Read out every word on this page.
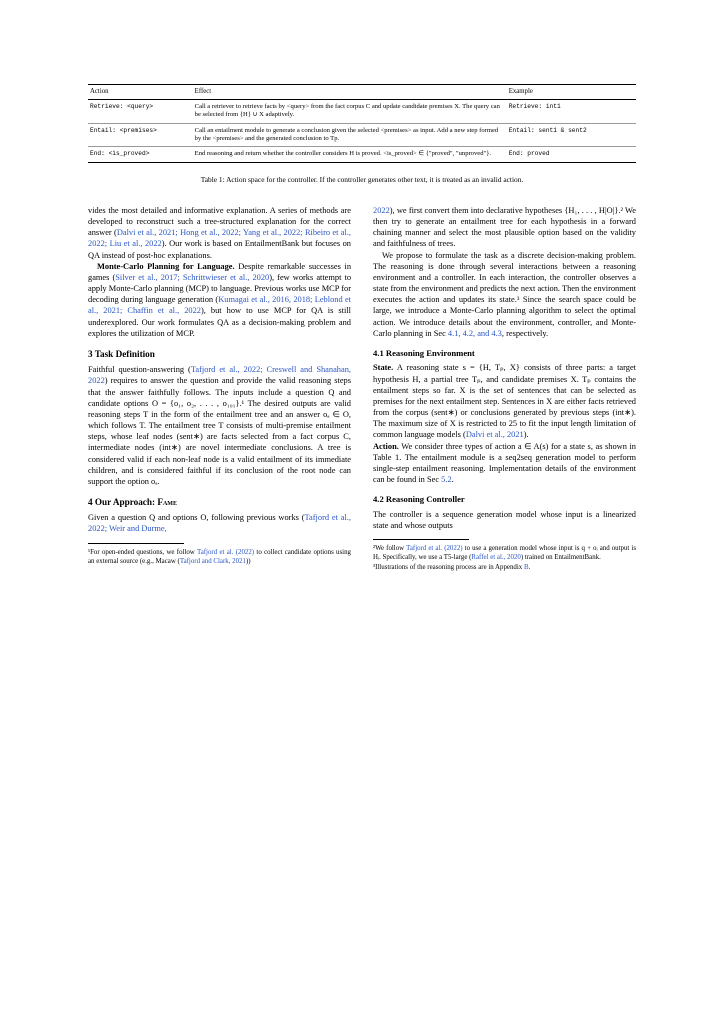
Action	Effect	Example
Retrieve: <query>	Call a retriever to retrieve facts by <query> from the fact corpus C and update candidate premises X. The query can be selected from {H} ∪ X adaptively.	Retrieve: int1
Entail: <premises>	Call an entailment module to generate a conclusion given the selected <premises> as input. Add a new step formed by the <premises> and the generated conclusion to Tp.	Entail: sent1 & sent2
End: <is_proved>	End reasoning and return whether the controller considers H is proved. <is_proved> ∈ {"proved", "unproved"}.	End: proved
Table 1: Action space for the controller. If the controller generates other text, it is treated as an invalid action.

vides the most detailed and informative explanation. A series of methods are developed to reconstruct such a tree-structured explanation for the correct answer (Dalvi et al., 2021; Hong et al., 2022; Yang et al., 2022; Ribeiro et al., 2022; Liu et al., 2022). Our work is based on EntailmentBank but focuses on QA instead of post-hoc explanations.

Monte-Carlo Planning for Language. Despite remarkable successes in games (Silver et al., 2017; Schrittwieser et al., 2020), few works attempt to apply Monte-Carlo planning (MCP) to language. Previous works use MCP for decoding during language generation (Kumagai et al., 2016, 2018; Leblond et al., 2021; Chaffin et al., 2022), but how to use MCP for QA is still underexplored. Our work formulates QA as a decision-making problem and explores the utilization of MCP.

3 Task Definition

Faithful question-answering (Tafjord et al., 2022; Creswell and Shanahan, 2022) requires to answer the question and provide the valid reasoning steps that the answer faithfully follows. The inputs include a question Q and candidate options O = {o₁, o₂, . . . , o₁₀₁}.¹ The desired outputs are valid reasoning steps T in the form of the entailment tree and an answer oₐ ∈ O, which follows T. The entailment tree T consists of multi-premise entailment steps, whose leaf nodes (sent∗) are facts selected from a fact corpus C, intermediate nodes (int∗) are novel intermediate conclusions. A tree is considered valid if each non-leaf node is a valid entailment of its immediate children, and is considered faithful if its conclusion of the root node can support the option oₐ.

4 Our Approach: Fame

Given a question Q and options O, following previous works (Tafjord et al., 2022; Weir and Durme,

¹For open-ended questions, we follow Tafjord et al. (2022) to collect candidate options using an external source (e.g., Macaw (Tafjord and Clark, 2021))

2022), we first convert them into declarative hypotheses {H₁, . . . , H|O|}.² We then try to generate an entailment tree for each hypothesis in a forward chaining manner and select the most plausible option based on the validity and faithfulness of trees.

We propose to formulate the task as a discrete decision-making problem. The reasoning is done through several interactions between a reasoning environment and a controller. In each interaction, the controller observes a state from the environment and predicts the next action. Then the environment executes the action and updates its state.³ Since the search space could be large, we introduce a Monte-Carlo planning algorithm to select the optimal action. We introduce details about the environment, controller, and Monte-Carlo planning in Sec 4.1, 4.2, and 4.3, respectively.

4.1 Reasoning Environment

State. A reasoning state s = {H, Tₚ, X} consists of three parts: a target hypothesis H, a partial tree Tₚ, and candidate premises X. Tₚ contains the entailment steps so far. X is the set of sentences that can be selected as premises for the next entailment step. Sentences in X are either facts retrieved from the corpus (sent∗) or conclusions generated by previous steps (int∗). The maximum size of X is restricted to 25 to fit the input length limitation of common language models (Dalvi et al., 2021).

Action. We consider three types of action a ∈ A(s) for a state s, as shown in Table 1. The entailment module is a seq2seq generation model to perform single-step entailment reasoning. Implementation details of the environment can be found in Sec 5.2.

4.2 Reasoning Controller

The controller is a sequence generation model whose input is a linearized state and whose outputs

²We follow Tafjord et al. (2022) to use a generation model whose input is q + oᵢ and output is Hᵢ. Specifically, we use a T5-large (Raffel et al., 2020) trained on EntailmentBank.

³Illustrations of the reasoning process are in Appendix B.
